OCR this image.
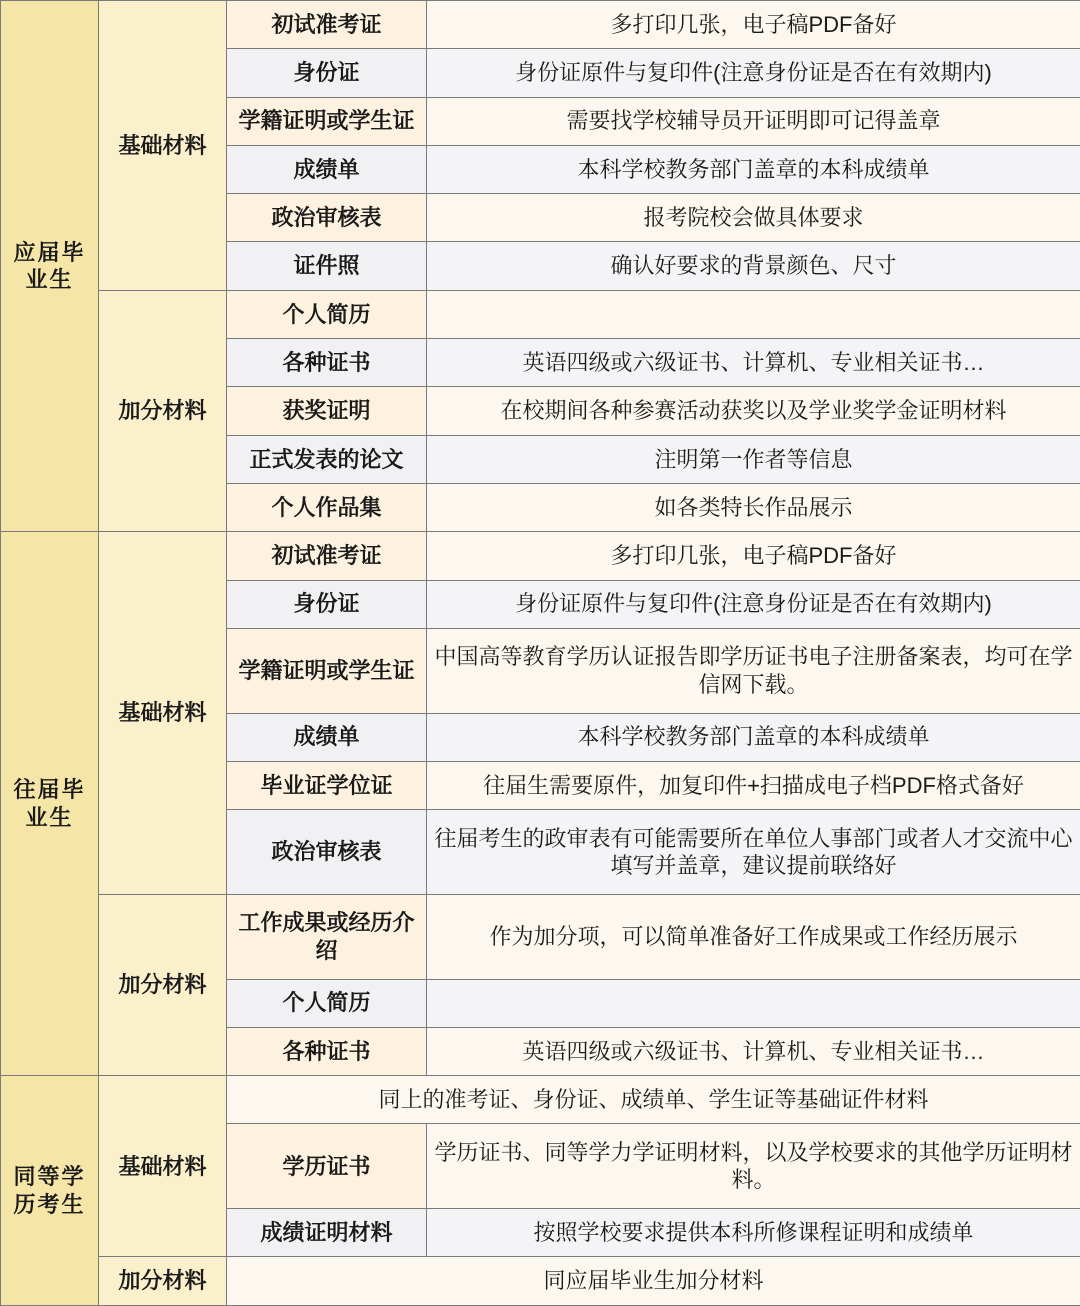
应届毕业生	基础材料	初试准考证	多打印几张，电子稿PDF备好
		身份证	身份证原件与复印件(注意身份证是否在有效期内)
		学籍证明或学生证	需要找学校辅导员开证明即可记得盖章
		成绩单	本科学校教务部门盖章的本科成绩单
		政治审核表	报考院校会做具体要求
		证件照	确认好要求的背景颜色、尺寸
	加分材料	个人简历	
		各种证书	英语四级或六级证书、计算机、专业相关证书…
		获奖证明	在校期间各种参赛活动获奖以及学业奖学金证明材料
		正式发表的论文	注明第一作者等信息
		个人作品集	如各类特长作品展示
往届毕业生	基础材料	初试准考证	多打印几张，电子稿PDF备好
		身份证	身份证原件与复印件(注意身份证是否在有效期内)
		学籍证明或学生证	中国高等教育学历认证报告即学历证书电子注册备案表，均可在学信网下载。
		成绩单	本科学校教务部门盖章的本科成绩单
		毕业证学位证	往届生需要原件，加复印件+扫描成电子档PDF格式备好
		政治审核表	往届考生的政审表有可能需要所在单位人事部门或者人才交流中心填写并盖章，建议提前联络好
	加分材料	工作成果或经历介绍	作为加分项，可以简单准备好工作成果或工作经历展示
		个人简历	
		各种证书	英语四级或六级证书、计算机、专业相关证书…
同等学历考生	基础材料	同上的准考证、身份证、成绩单、学生证等基础证件材料	
		学历证书	学历证书、同等学力学证明材料，以及学校要求的其他学历证明材料。
		成绩证明材料	按照学校要求提供本科所修课程证明和成绩单
	加分材料	同应届毕业生加分材料	
